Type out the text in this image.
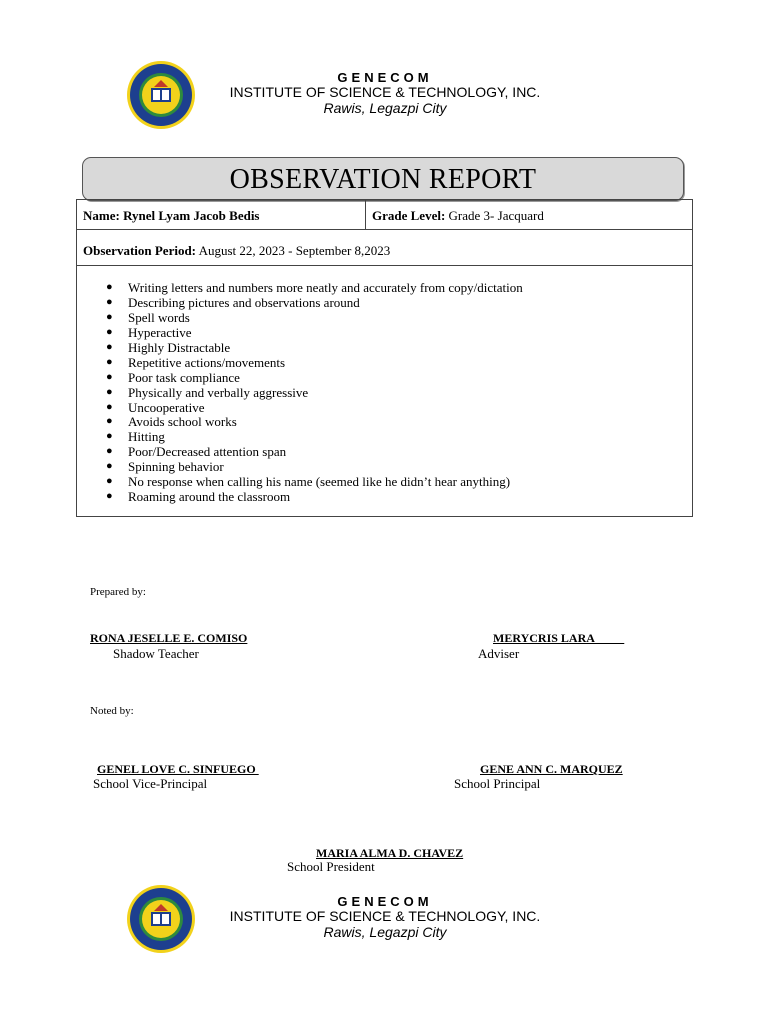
GENECOM
INSTITUTE OF SCIENCE & TECHNOLOGY, INC.
Rawis, Legazpi City
OBSERVATION REPORT
Name: Rynel Lyam Jacob Bedis	Grade Level: Grade 3- Jacquard
Observation Period: August 22, 2023 - September 8,2023
● Writing letters and numbers more neatly and accurately from copy/dictation
● Describing pictures and observations around
● Spell words
● Hyperactive
● Highly Distractable
● Repetitive actions/movements
● Poor task compliance
● Physically and verbally aggressive
● Uncooperative
● Avoids school works
● Hitting
● Poor/Decreased attention span
● Spinning behavior
● No response when calling his name (seemed like he didn’t hear anything)
● Roaming around the classroom
Prepared by:
RONA JESELLE E. COMISO
Shadow Teacher
MERYCRIS LARA
Adviser
Noted by:
GENEL LOVE C. SINFUEGO
School Vice-Principal
GENE ANN C. MARQUEZ
School Principal
MARIA ALMA D. CHAVEZ
School President
GENECOM
INSTITUTE OF SCIENCE & TECHNOLOGY, INC.
Rawis, Legazpi City
